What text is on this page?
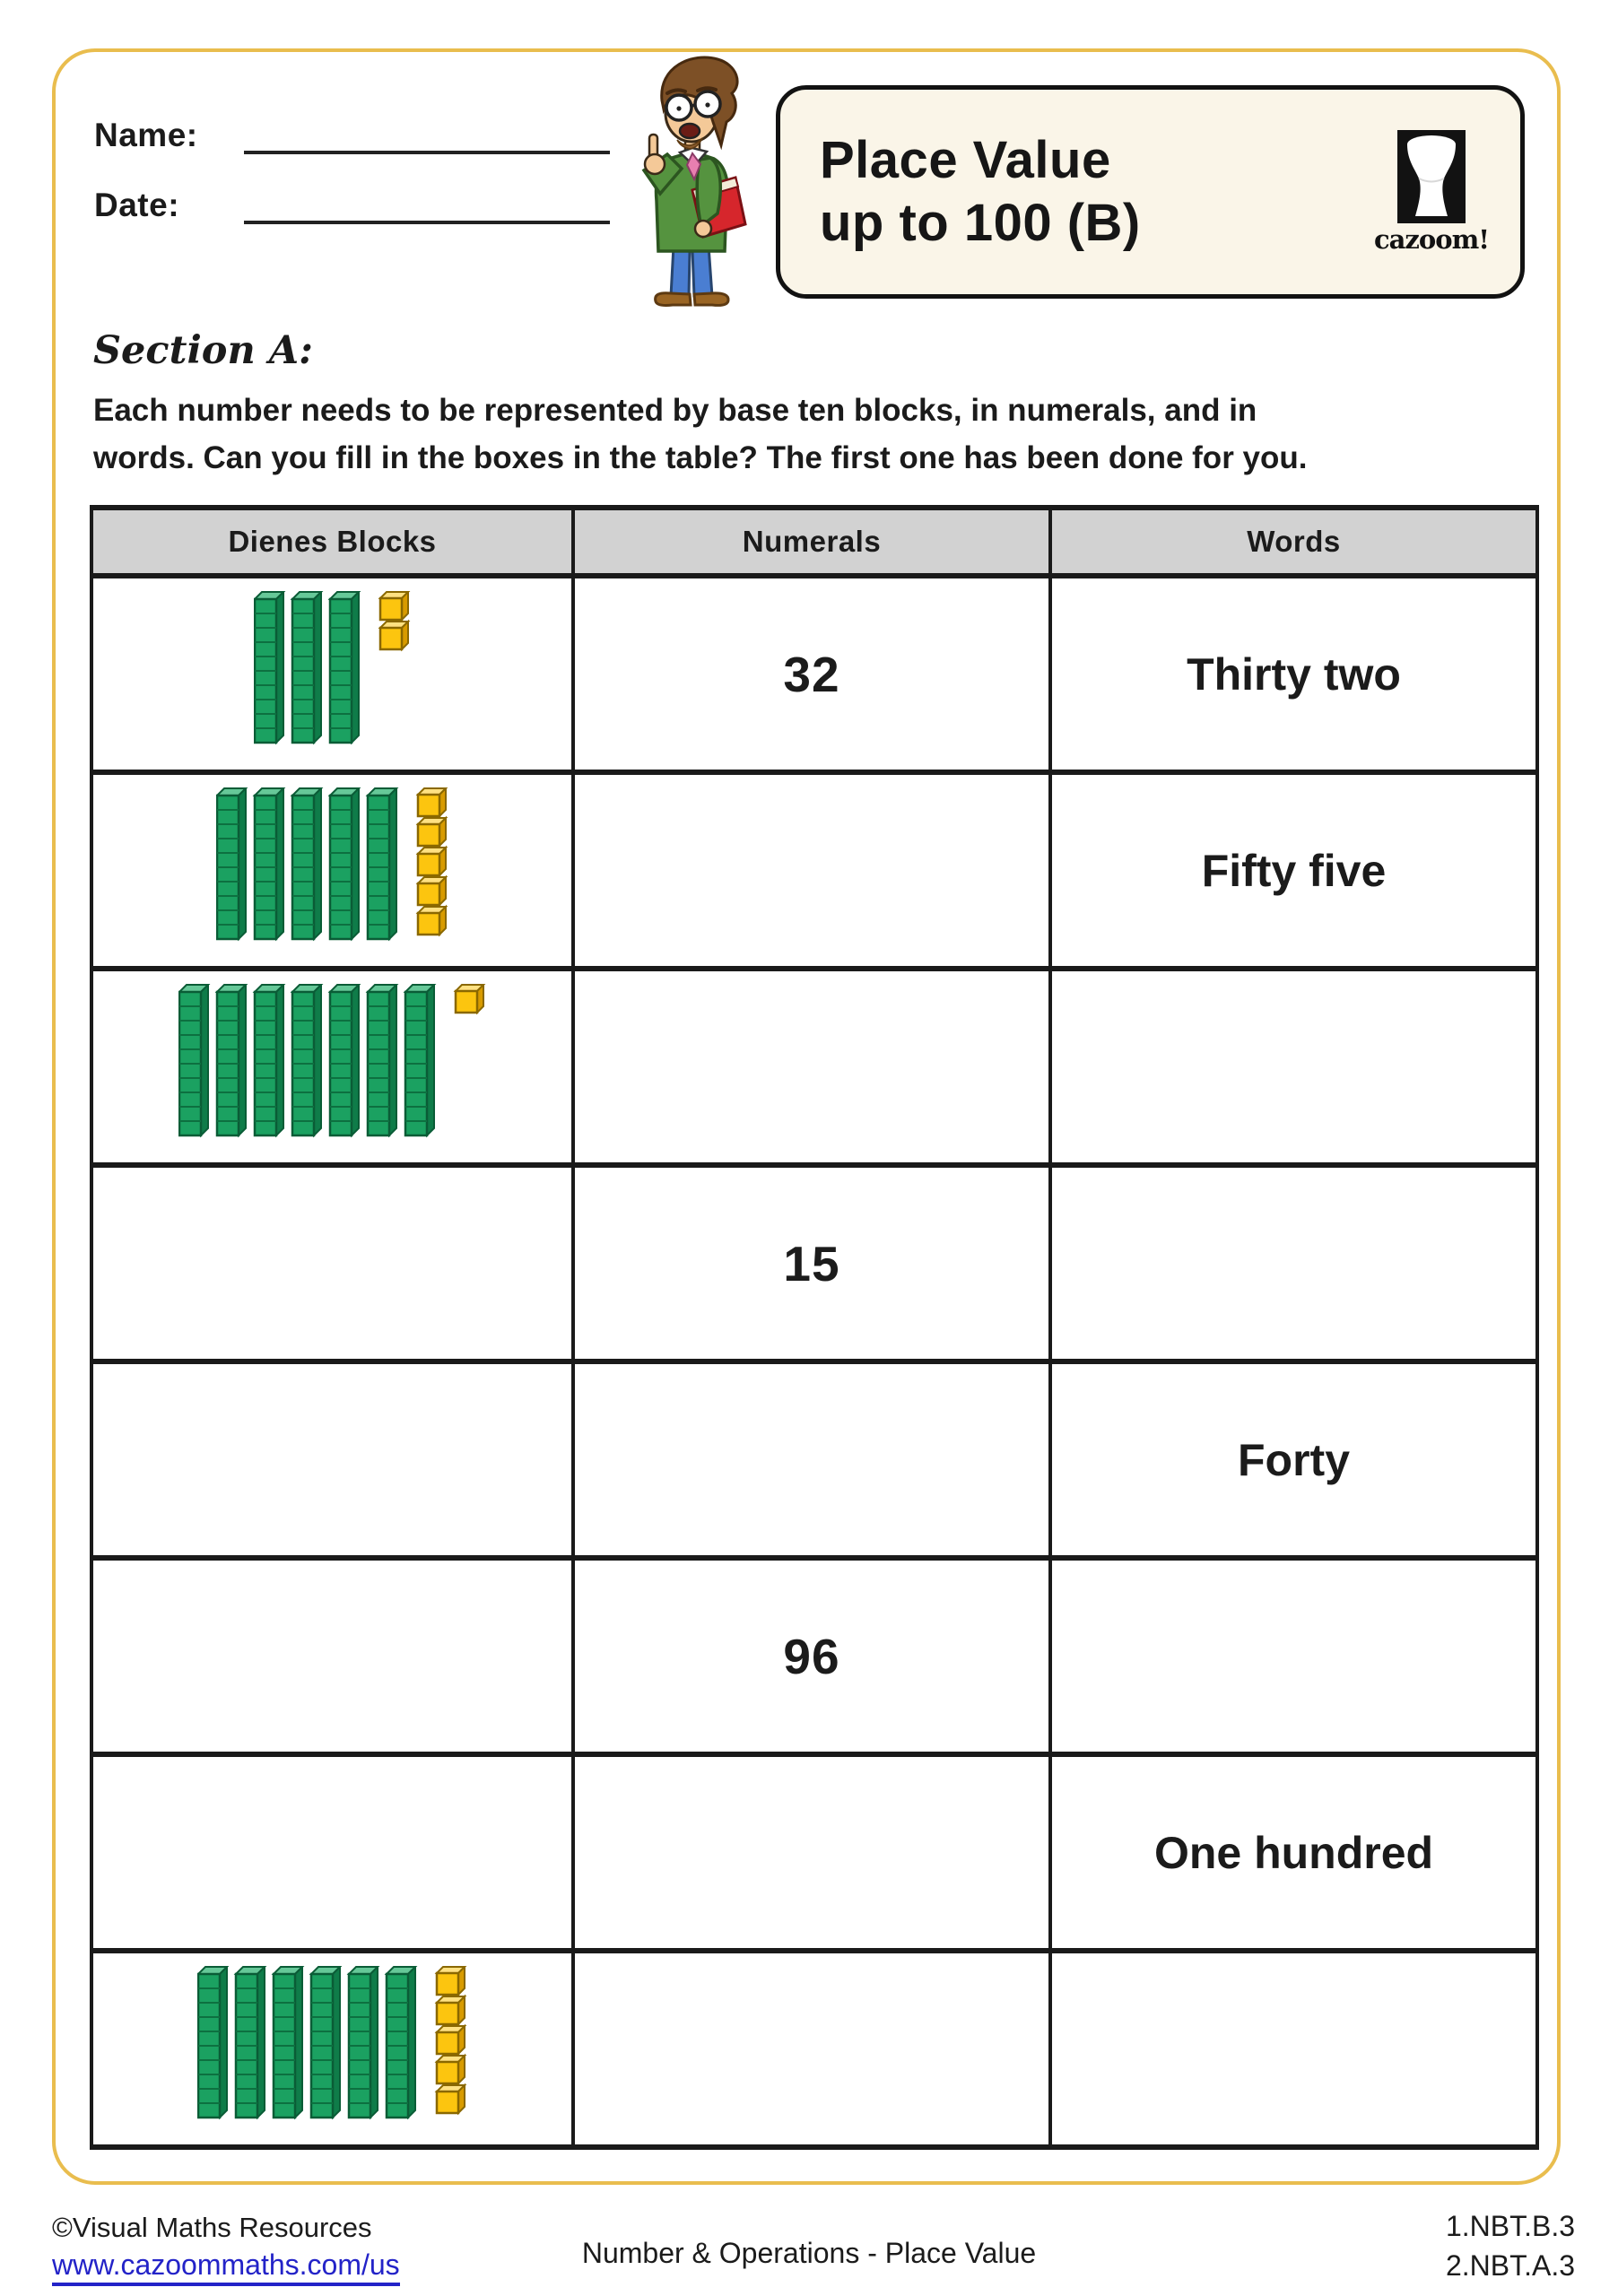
Name:
Date:
Place Value
up to 100 (B)	cazoom!
Section A:
Each number needs to be represented by base ten blocks, in numerals, and in
words. Can you fill in the boxes in the table? The first one has been done for you.
Dienes Blocks	Numerals	Words
	32	Thirty two
		Fifty five

	15	
		Forty
	96	
		One hundred

©Visual Maths Resources
www.cazoommaths.com/us	Number & Operations - Place Value
1.NBT.B.3
2.NBT.A.3
